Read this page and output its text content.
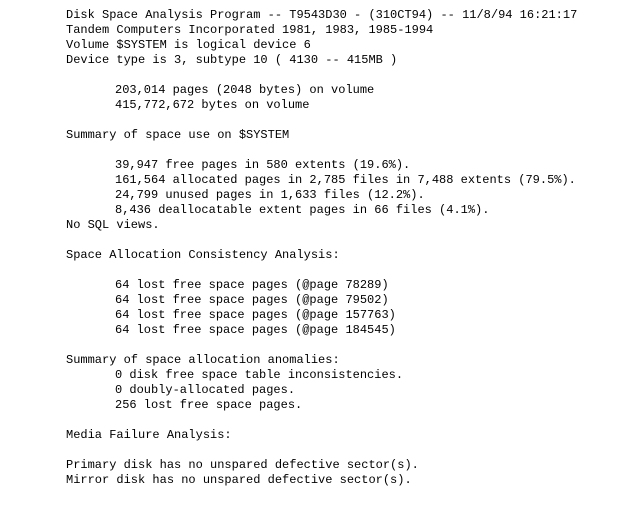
Disk Space Analysis Program -- T9543D30 - (310CT94) -- 11/8/94 16:21:17
Tandem Computers Incorporated 1981, 1983, 1985-1994
Volume $SYSTEM is logical device 6
Device type is 3, subtype 10 ( 4130 -- 415MB )
203,014 pages (2048 bytes) on volume
415,772,672 bytes on volume
Summary of space use on $SYSTEM
39,947 free pages in 580 extents (19.6%).
161,564 allocated pages in 2,785 files in 7,488 extents (79.5%).
24,799 unused pages in 1,633 files (12.2%).
8,436 deallocatable extent pages in 66 files (4.1%).
No SQL views.
Space Allocation Consistency Analysis:
64 lost free space pages (@page 78289)
64 lost free space pages (@page 79502)
64 lost free space pages (@page 157763)
64 lost free space pages (@page 184545)
Summary of space allocation anomalies:
0 disk free space table inconsistencies.
0 doubly-allocated pages.
256 lost free space pages.
Media Failure Analysis:
Primary disk has no unspared defective sector(s).
Mirror disk has no unspared defective sector(s).
